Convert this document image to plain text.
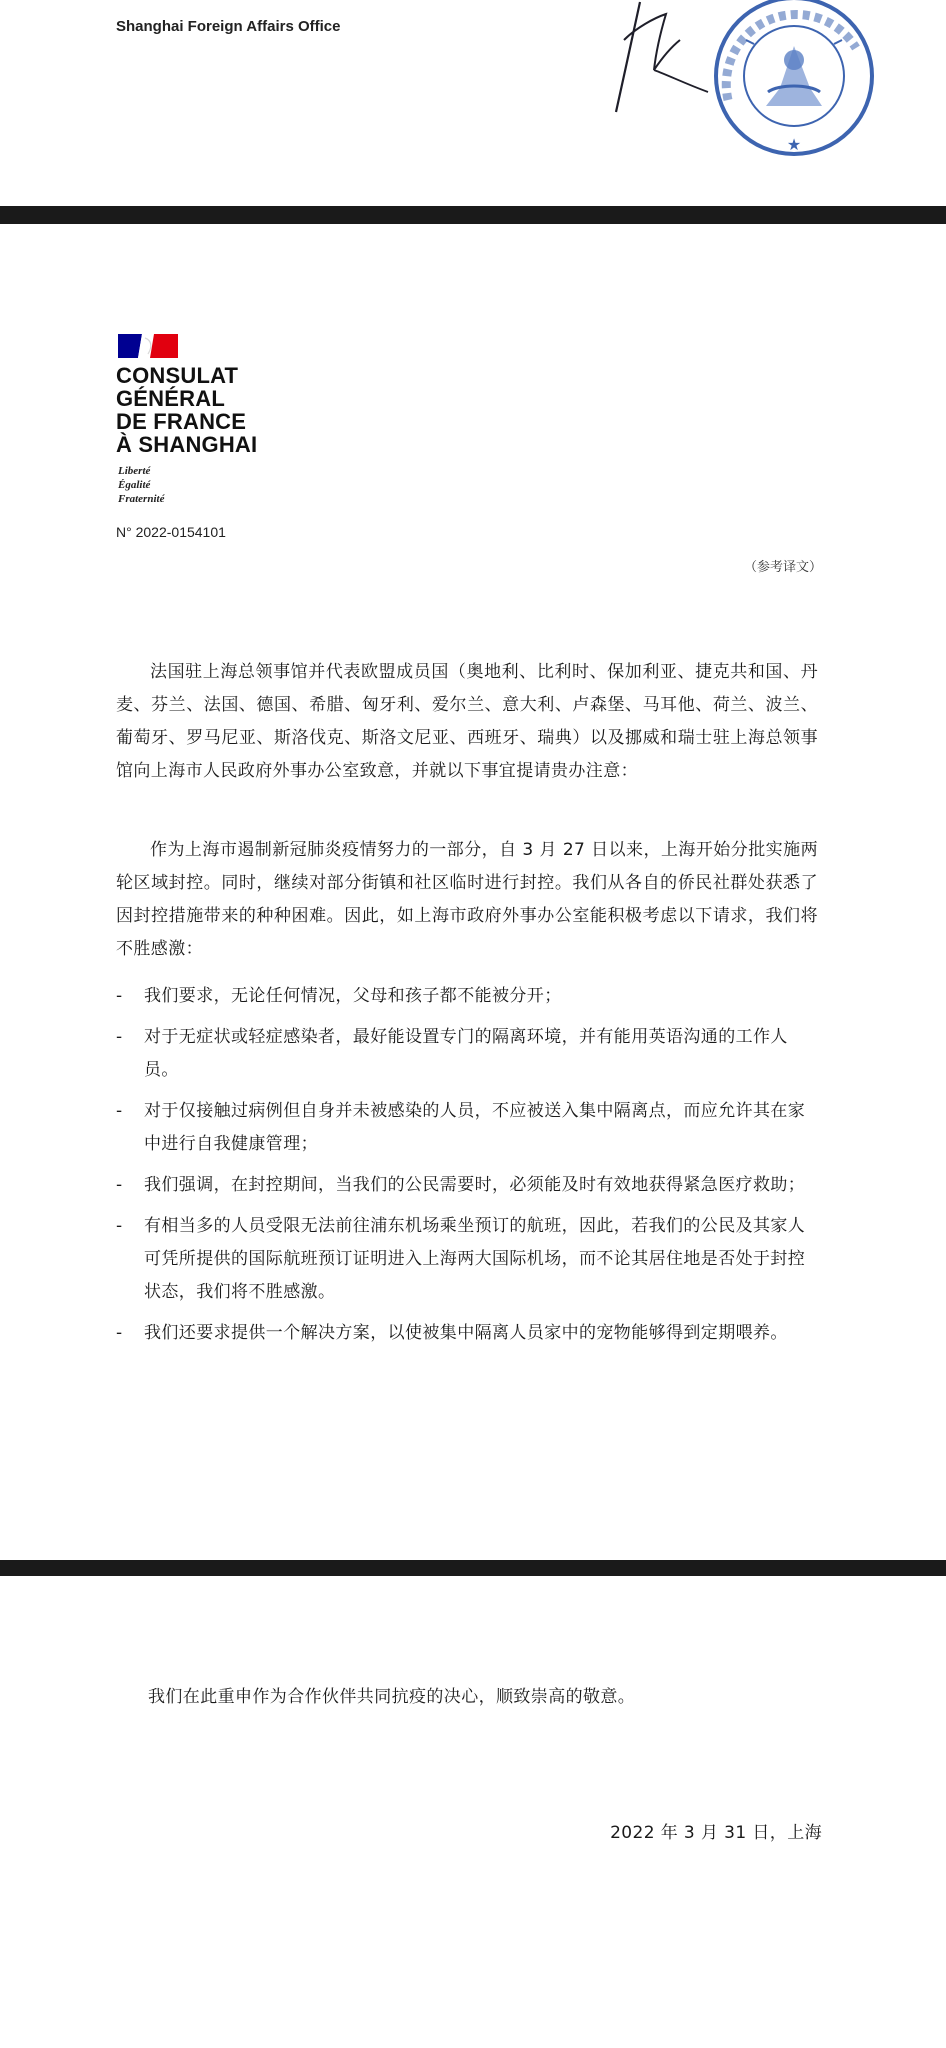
Shanghai Foreign Affairs Office
★
CONSULAT
GÉNÉRAL
DE FRANCE
À SHANGHAI
Liberté
Égalité
Fraternité
N° 2022-0154101
（参考译文）
法国驻上海总领事馆并代表欧盟成员国（奥地利、比利时、保加利亚、捷克共和国、丹麦、芬兰、法国、德国、希腊、匈牙利、爱尔兰、意大利、卢森堡、马耳他、荷兰、波兰、葡萄牙、罗马尼亚、斯洛伐克、斯洛文尼亚、西班牙、瑞典）以及挪威和瑞士驻上海总领事馆向上海市人民政府外事办公室致意，并就以下事宜提请贵办注意：
作为上海市遏制新冠肺炎疫情努力的一部分，自 3 月 27 日以来，上海开始分批实施两轮区域封控。同时，继续对部分街镇和社区临时进行封控。我们从各自的侨民社群处获悉了因封控措施带来的种种困难。因此，如上海市政府外事办公室能积极考虑以下请求，我们将不胜感激：
- 我们要求，无论任何情况，父母和孩子都不能被分开；
- 对于无症状或轻症感染者，最好能设置专门的隔离环境，并有能用英语沟通的工作人员。
- 对于仅接触过病例但自身并未被感染的人员，不应被送入集中隔离点，而应允许其在家中进行自我健康管理；
- 我们强调，在封控期间，当我们的公民需要时，必须能及时有效地获得紧急医疗救助；
- 有相当多的人员受限无法前往浦东机场乘坐预订的航班，因此，若我们的公民及其家人可凭所提供的国际航班预订证明进入上海两大国际机场，而不论其居住地是否处于封控状态，我们将不胜感激。
- 我们还要求提供一个解决方案，以使被集中隔离人员家中的宠物能够得到定期喂养。
我们在此重申作为合作伙伴共同抗疫的决心，顺致崇高的敬意。
2022 年 3 月 31 日，上海
